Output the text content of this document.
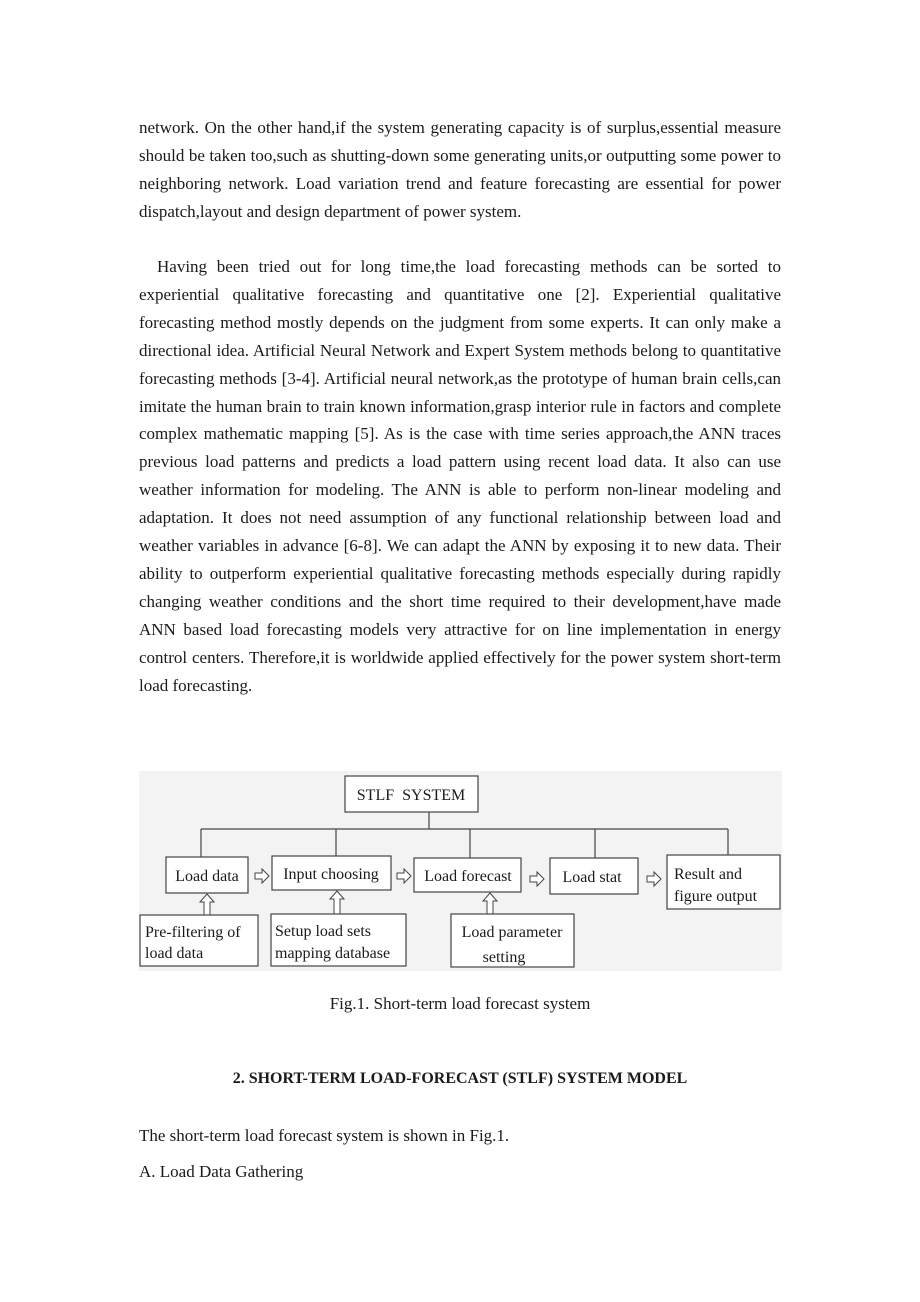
network. On the other hand,if the system generating capacity is of surplus,essential measure should be taken too,such as shutting-down some generating units,or outputting some power to neighboring network. Load variation trend and feature forecasting are essential for power dispatch,layout and design department of power system.

Having been tried out for long time,the load forecasting methods can be sorted to experiential qualitative forecasting and quantitative one [2]. Experiential qualitative forecasting method mostly depends on the judgment from some experts. It can only make a directional idea. Artificial Neural Network and Expert System methods belong to quantitative forecasting methods [3-4]. Artificial neural network,as the prototype of human brain cells,can imitate the human brain to train known information,grasp interior rule in factors and complete complex mathematic mapping [5]. As is the case with time series approach,the ANN traces previous load patterns and predicts a load pattern using recent load data. It also can use weather information for modeling. The ANN is able to perform non-linear modeling and adaptation. It does not need assumption of any functional relationship between load and weather variables in advance [6-8]. We can adapt the ANN by exposing it to new data. Their ability to outperform experiential qualitative forecasting methods especially during rapidly changing weather conditions and the short time required to their development,have made ANN based load forecasting models very attractive for on line implementation in energy control centers. Therefore,it is worldwide applied effectively for the power system short-term load forecasting.

STLF  SYSTEM
Load data	Input choosing	Load forecast	Load stat	Result and
figure output
Pre-filtering of
load data
Setup load sets
mapping database
Load parameter
setting
Fig.1. Short-term load forecast system
2. SHORT-TERM LOAD-FORECAST (STLF) SYSTEM MODEL
The short-term load forecast system is shown in Fig.1.
A. Load Data Gathering
